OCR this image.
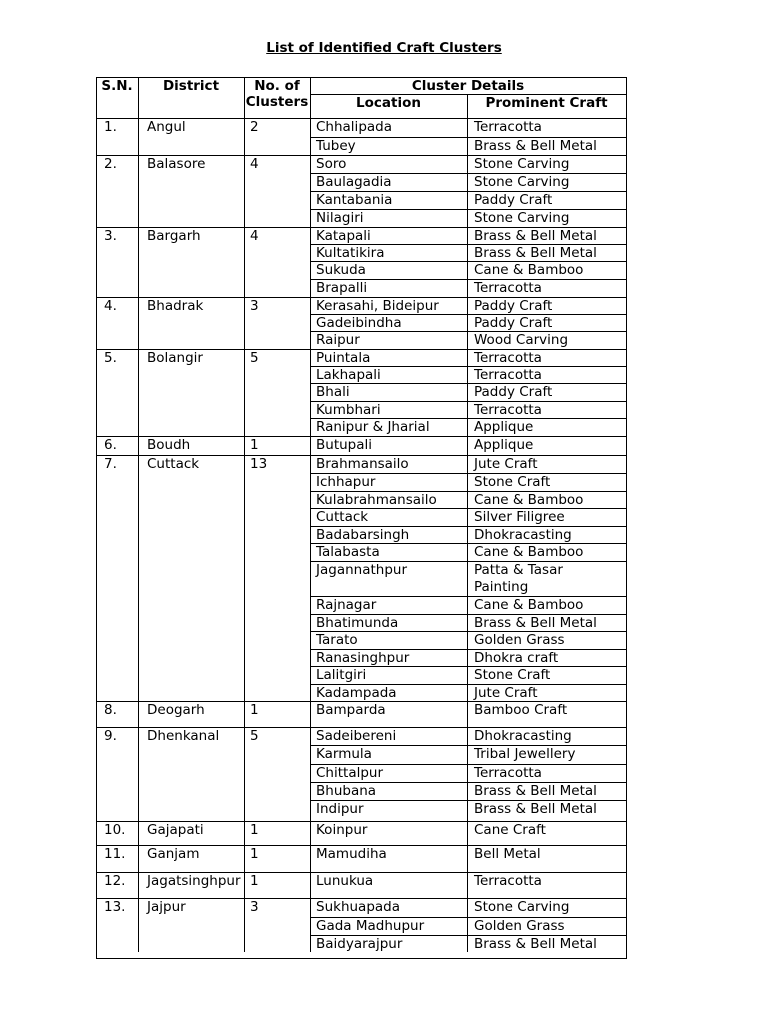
List of Identified Craft Clusters
S.N.	District	No. of
Clusters
Cluster Details
Location	Prominent Craft
1. Angul	2	Chhalipada	Terracotta
Tubey	Brass & Bell Metal
2. Balasore	4	Soro	Stone Carving
Baulagadia	Stone Carving
Kantabania	Paddy Craft
Nilagiri	Stone Carving
3. Bargarh	4	Katapali	Brass & Bell Metal
Kultatikira	Brass & Bell Metal
Sukuda	Cane & Bamboo
Brapalli	Terracotta
4. Bhadrak	3	Kerasahi, Bideipur	Paddy Craft
Gadeibindha	Paddy Craft
Raipur	Wood Carving
5. Bolangir	5	Puintala	Terracotta
Lakhapali	Terracotta
Bhali	Paddy Craft
Kumbhari	Terracotta
Ranipur & Jharial	Applique
6. Boudh	1	Butupali	Applique
7. Cuttack	13	Brahmansailo	Jute Craft
Ichhapur	Stone Craft
Kulabrahmansailo	Cane & Bamboo
Cuttack	Silver Filigree
Badabarsingh	Dhokracasting
Talabasta	Cane & Bamboo
Jagannathpur	Patta & Tasar
Painting
Rajnagar	Cane & Bamboo
Bhatimunda	Brass & Bell Metal
Tarato	Golden Grass
Ranasinghpur	Dhokra craft
Lalitgiri	Stone Craft
Kadampada	Jute Craft
8. Deogarh	1	Bamparda	Bamboo Craft
9. Dhenkanal 5	Sadeibereni	Dhokracasting
Karmula	Tribal Jewellery
Chittalpur	Terracotta
Bhubana	Brass & Bell Metal
Indipur	Brass & Bell Metal
10. Gajapati	1	Koinpur	Cane Craft
11. Ganjam	1	Mamudiha	Bell Metal
12. Jagatsinghpur 1	Lunukua	Terracotta
13. Jajpur	3	Sukhuapada	Stone Carving
Gada Madhupur	Golden Grass
Baidyarajpur	Brass & Bell Metal
